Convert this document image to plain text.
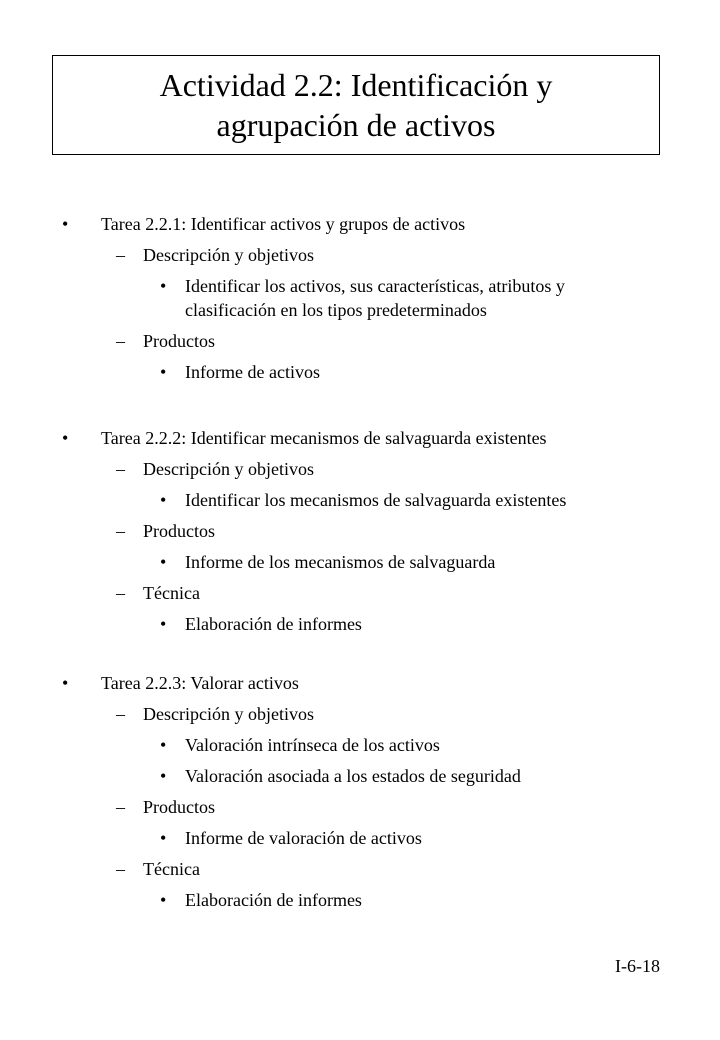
Actividad 2.2: Identificación y
agrupación de activos
• Tarea 2.2.1: Identificar activos y grupos de activos
– Descripción y objetivos
• Identificar los activos, sus características, atributos y
clasificación en los tipos predeterminados
– Productos
• Informe de activos
• Tarea 2.2.2: Identificar mecanismos de salvaguarda existentes
– Descripción y objetivos
• Identificar los mecanismos de salvaguarda existentes
– Productos
• Informe de los mecanismos de salvaguarda
– Técnica
• Elaboración de informes
• Tarea 2.2.3: Valorar activos
– Descripción y objetivos
• Valoración intrínseca de los activos
• Valoración asociada a los estados de seguridad
– Productos
• Informe de valoración de activos
– Técnica
• Elaboración de informes
I-6-18
